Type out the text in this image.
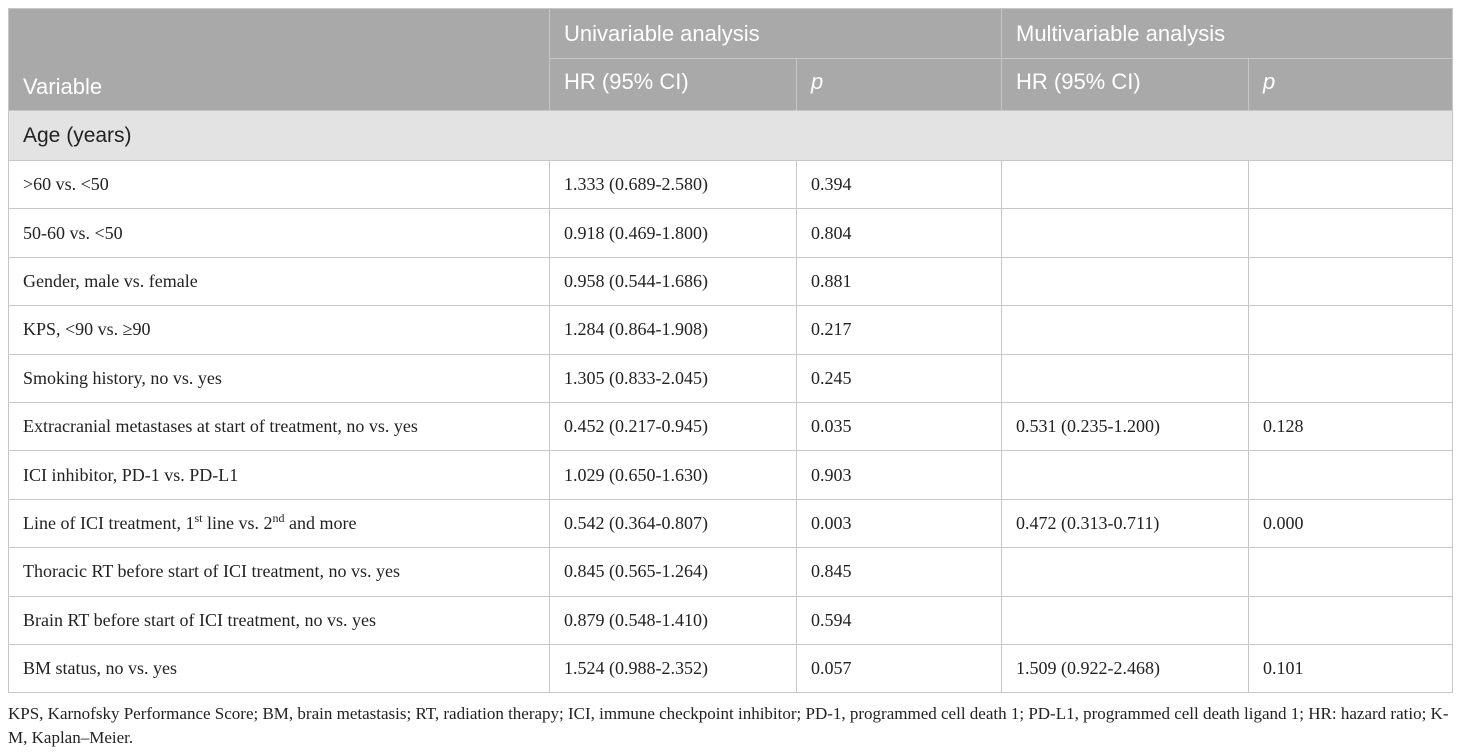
Variable	Univariable analysis		Multivariable analysis	
	HR (95% CI)	p	HR (95% CI)	p
Age (years)				
>60 vs. <50	1.333 (0.689-2.580)	0.394		
50-60 vs. <50	0.918 (0.469-1.800)	0.804		
Gender, male vs. female	0.958 (0.544-1.686)	0.881		
KPS, <90 vs. ≥90	1.284 (0.864-1.908)	0.217		
Smoking history, no vs. yes	1.305 (0.833-2.045)	0.245		
Extracranial metastases at start of treatment, no vs. yes	0.452 (0.217-0.945)	0.035	0.531 (0.235-1.200)	0.128
ICI inhibitor, PD-1 vs. PD-L1	1.029 (0.650-1.630)	0.903		
Line of ICI treatment, 1st line vs. 2nd and more	0.542 (0.364-0.807)	0.003	0.472 (0.313-0.711)	0.000
Thoracic RT before start of ICI treatment, no vs. yes	0.845 (0.565-1.264)	0.845		
Brain RT before start of ICI treatment, no vs. yes	0.879 (0.548-1.410)	0.594		
BM status, no vs. yes	1.524 (0.988-2.352)	0.057	1.509 (0.922-2.468)	0.101
KPS, Karnofsky Performance Score; BM, brain metastasis; RT, radiation therapy; ICI, immune checkpoint inhibitor; PD-1, programmed cell death 1; PD-L1, programmed cell death ligand 1; HR: hazard ratio; K-M, Kaplan–Meier.
